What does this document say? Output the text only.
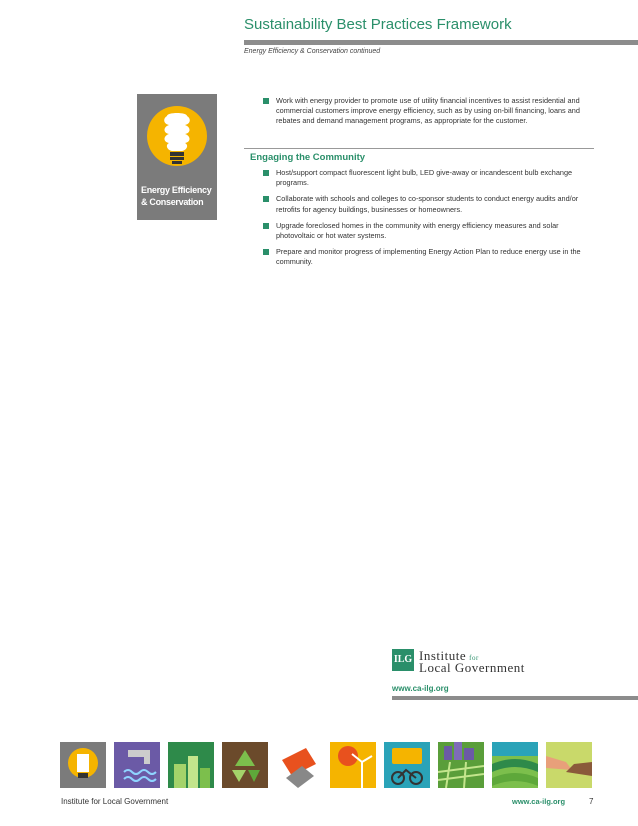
Sustainability Best Practices Framework
Energy Efficiency & Conservation continued
Energy Efficiency
& Conservation
Work with energy provider to promote use of utility financial incentives to assist residential and commercial customers improve energy efficiency, such as by using on-bill financing, loans and rebates and demand management programs, as appropriate for the customer.
Engaging the Community
Host/support compact fluorescent light bulb, LED give-away or incandescent bulb exchange programs.
Collaborate with schools and colleges to co-sponsor students to conduct energy audits and/or retrofits for agency buildings, businesses or homeowners.
Upgrade foreclosed homes in the community with energy efficiency measures and solar photovoltaic or hot water systems.
Prepare and monitor progress of implementing Energy Action Plan to reduce energy use in the community.
ILG Institute for
Local Government
www.ca-ilg.org
Institute for Local Government	www.ca-ilg.org	7
